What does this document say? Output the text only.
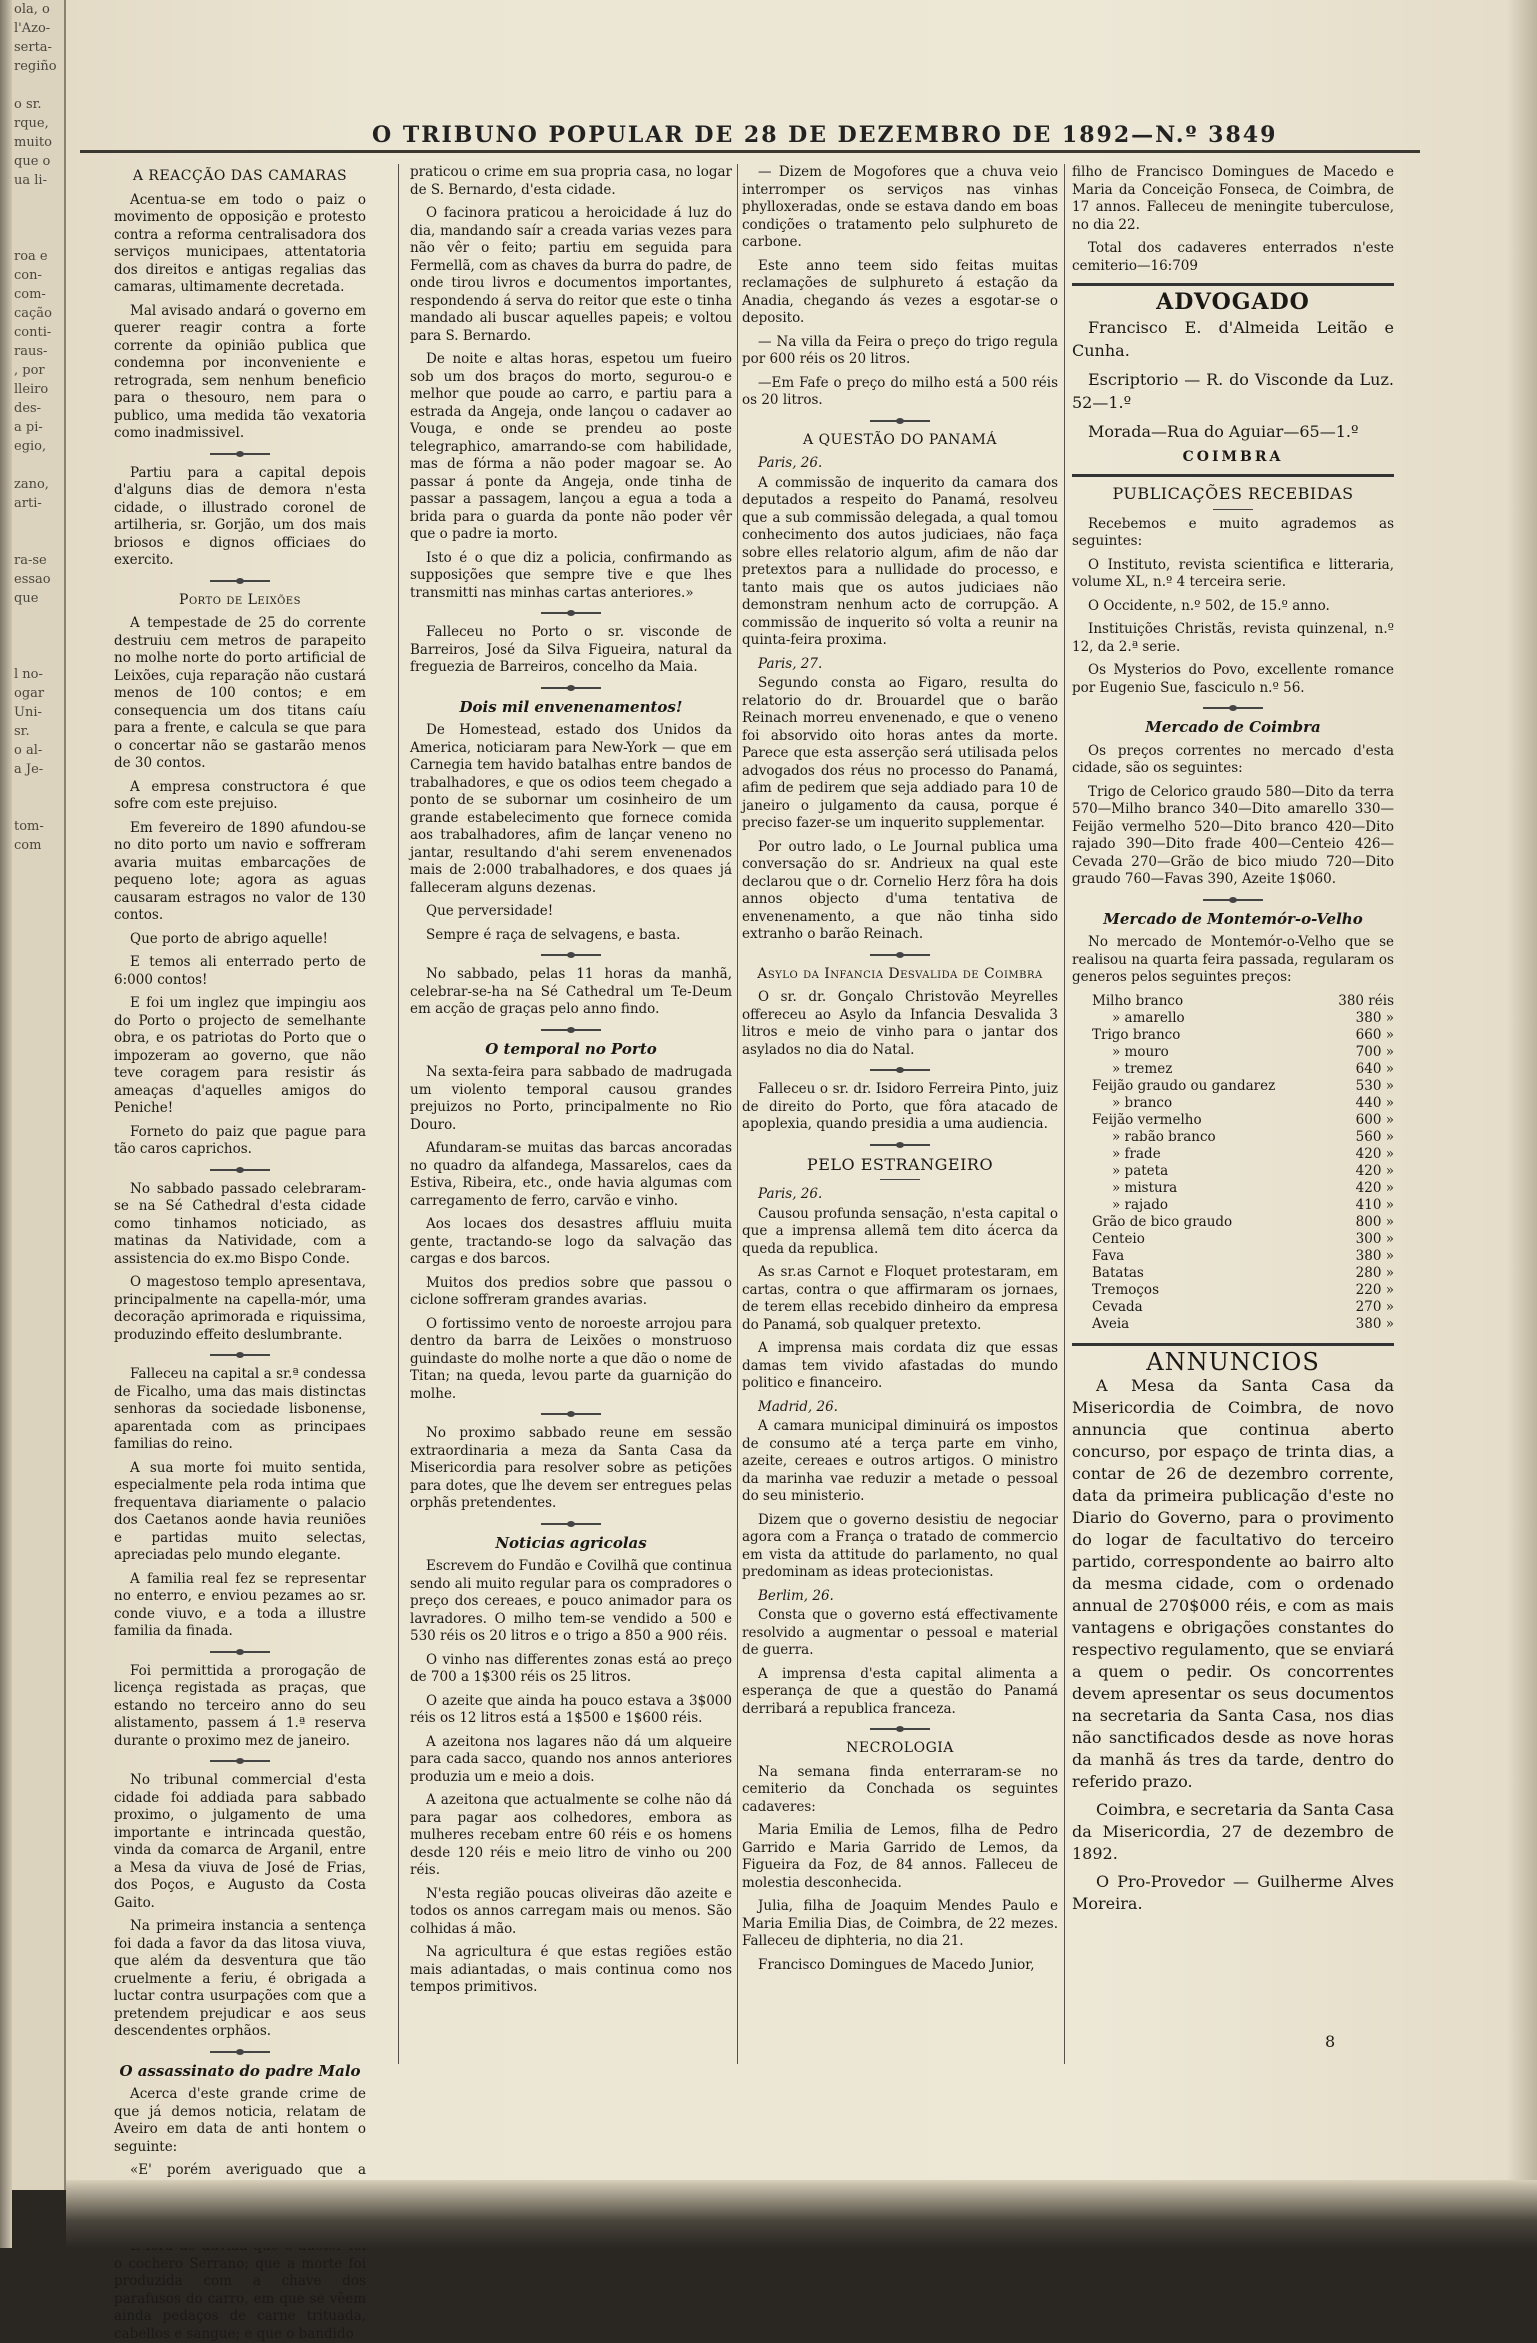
ola, o
l'Azo-
serta-
regiño

o sr.
rque,
muito
que o
ua li-

roa e
con-
com-
cação
conti-
raus-
, por
lleiro
des-
a pi-
egio,

zano,
arti-

ra-se
essao
que

l no-
ogar
Uni-
sr.
o al-
a Je-

tom-
com

O TRIBUNO POPULAR DE 28 DE DEZEMBRO DE 1892—N.º 3849
A REACÇÃO DAS CAMARAS

Acentua-se em todo o paiz o movimento de opposição e protesto contra a reforma centralisadora dos serviços municipaes, attentatoria dos direitos e antigas regalias das camaras, ultimamente decretada.

Mal avisado andará o governo em querer reagir contra a forte corrente da opinião publica que condemna por inconveniente e retrograda, sem nenhum beneficio para o thesouro, nem para o publico, uma medida tão vexatoria como inadmissivel.

Partiu para a capital depois d'alguns dias de demora n'esta cidade, o illustrado coronel de artilheria, sr. Gorjão, um dos mais briosos e dignos officiaes do exercito.

Porto de Leixões

A tempestade de 25 do corrente destruiu cem metros de parapeito no molhe norte do porto artificial de Leixões, cuja reparação não custará menos de 100 contos; e em consequencia um dos titans caíu para a frente, e calcula se que para o concertar não se gastarão menos de 30 contos.

A empresa constructora é que sofre com este prejuiso.

Em fevereiro de 1890 afundou-se no dito porto um navio e soffreram avaria muitas embarcações de pequeno lote; agora as aguas causaram estragos no valor de 130 contos.

Que porto de abrigo aquelle!

E temos ali enterrado perto de 6:000 contos!

E foi um inglez que impingiu aos do Porto o projecto de semelhante obra, e os patriotas do Porto que o impozeram ao governo, que não teve coragem para resistir ás ameaças d'aquelles amigos do Peniche!

Forneto do paiz que pague para tão caros caprichos.

No sabbado passado celebraram-se na Sé Cathedral d'esta cidade como tinhamos noticiado, as matinas da Natividade, com a assistencia do ex.mo Bispo Conde.

O magestoso templo apresentava, principalmente na capella-mór, uma decoração aprimorada e riquissima, produzindo effeito deslumbrante.

Falleceu na capital a sr.ª condessa de Ficalho, uma das mais distinctas senhoras da sociedade lisbonense, aparentada com as principaes familias do reino.

A sua morte foi muito sentida, especialmente pela roda intima que frequentava diariamente o palacio dos Caetanos aonde havia reuniões e partidas muito selectas, apreciadas pelo mundo elegante.

A familia real fez se representar no enterro, e enviou pezames ao sr. conde viuvo, e a toda a illustre familia da finada.

Foi permittida a prorogação de licença registada as praças, que estando no terceiro anno do seu alistamento, passem á 1.ª reserva durante o proximo mez de janeiro.

No tribunal commercial d'esta cidade foi addiada para sabbado proximo, o julgamento de uma importante e intrincada questão, vinda da comarca de Arganil, entre a Mesa da viuva de José de Frias, dos Poços, e Augusto da Costa Gaito.

Na primeira instancia a sentença foi dada a favor da das litosa viuva, que além da desventura que tão cruelmente a feriu, é obrigada a luctar contra usurpações com que a pretendem prejudicar e aos seus descendentes orphãos.

O assassinato do padre Malo

Acerca d'este grande crime de que já demos noticia, relatam de Aveiro em data de anti hontem o seguinte:

«E' porém averiguado que a

o cochero Serrano; que a morte foi produzida com a chave dos parafusos do carro, em que se vêem ainda pedaços de carne trituada, cabellos e sangue; e que o bandido

praticou o crime em sua propria casa, no logar de S. Bernardo, d'esta cidade.

O facinora praticou a heroicidade á luz do dia, mandando saír a creada varias vezes para não vêr o feito; partiu em seguida para Fermellã, com as chaves da burra do padre, de onde tirou livros e documentos importantes, respondendo á serva do reitor que este o tinha mandado ali buscar aquelles papeis; e voltou para S. Bernardo.

De noite e altas horas, espetou um fueiro sob um dos braços do morto, segurou-o e melhor que poude ao carro, e partiu para a estrada da Angeja, onde lançou o cadaver ao Vouga, e onde se prendeu ao poste telegraphico, amarrando-se com habilidade, mas de fórma a não poder magoar se. Ao passar á ponte da Angeja, onde tinha de passar a passagem, lançou a egua a toda a brida para o guarda da ponte não poder vêr que o padre ia morto.

Isto é o que diz a policia, confirmando as supposições que sempre tive e que lhes transmitti nas minhas cartas anteriores.»

Falleceu no Porto o sr. visconde de Barreiros, José da Silva Figueira, natural da freguezia de Barreiros, concelho da Maia.

Dois mil envenenamentos!

De Homestead, estado dos Unidos da America, noticiaram para New-York — que em Carnegia tem havido batalhas entre bandos de trabalhadores, e que os odios teem chegado a ponto de se subornar um cosinheiro de um grande estabelecimento que fornece comida aos trabalhadores, afim de lançar veneno no jantar, resultando d'ahi serem envenenados mais de 2:000 trabalhadores, e dos quaes já falleceram alguns dezenas.

Que perversidade!

Sempre é raça de selvagens, e basta.

No sabbado, pelas 11 horas da manhã, celebrar-se-ha na Sé Cathedral um Te-Deum em acção de graças pelo anno findo.

O temporal no Porto

Na sexta-feira para sabbado de madrugada um violento temporal causou grandes prejuizos no Porto, principalmente no Rio Douro.

Afundaram-se muitas das barcas ancoradas no quadro da alfandega, Massarelos, caes da Estiva, Ribeira, etc., onde havia algumas com carregamento de ferro, carvão e vinho.

Aos locaes dos desastres affluiu muita gente, tractando-se logo da salvação das cargas e dos barcos.

Muitos dos predios sobre que passou o ciclone soffreram grandes avarias.

O fortissimo vento de noroeste arrojou para dentro da barra de Leixões o monstruoso guindaste do molhe norte a que dão o nome de Titan; na queda, levou parte da guarnição do molhe.

No proximo sabbado reune em sessão extraordinaria a meza da Santa Casa da Misericordia para resolver sobre as petições para dotes, que lhe devem ser entregues pelas orphãs pretendentes.

Noticias agricolas

Escrevem do Fundão e Covilhã que continua sendo ali muito regular para os compradores o preço dos cereaes, e pouco animador para os lavradores. O milho tem-se vendido a 500 e 530 réis os 20 litros e o trigo a 850 a 900 réis.

O vinho nas differentes zonas está ao preço de 700 a 1$300 réis os 25 litros.

O azeite que ainda ha pouco estava a 3$000 réis os 12 litros está a 1$500 e 1$600 réis.

A azeitona nos lagares não dá um alqueire para cada sacco, quando nos annos anteriores produzia um e meio a dois.

A azeitona que actualmente se colhe não dá para pagar aos colhedores, embora as mulheres recebam entre 60 réis e os homens desde 120 réis e meio litro de vinho ou 200 réis.

N'esta região poucas oliveiras dão azeite e todos os annos carregam mais ou menos. São colhidas á mão.

Na agricultura é que estas regiões estão mais adiantadas, o mais continua como nos tempos primitivos.

— Dizem de Mogofores que a chuva veio interromper os serviços nas vinhas phylloxeradas, onde se estava dando em boas condições o tratamento pelo sulphureto de carbone.

Este anno teem sido feitas muitas reclamações de sulphureto á estação da Anadia, chegando ás vezes a esgotar-se o deposito.

— Na villa da Feira o preço do trigo regula por 600 réis os 20 litros.

—Em Fafe o preço do milho está a 500 réis os 20 litros.

A QUESTÃO DO PANAMÁ
Paris, 26.

A commissão de inquerito da camara dos deputados a respeito do Panamá, resolveu que a sub commissão delegada, a qual tomou conhecimento dos autos judiciaes, não faça sobre elles relatorio algum, afim de não dar pretextos para a nullidade do processo, e tanto mais que os autos judiciaes não demonstram nenhum acto de corrupção. A commissão de inquerito só volta a reunir na quinta-feira proxima.

Paris, 27.

Segundo consta ao Figaro, resulta do relatorio do dr. Brouardel que o barão Reinach morreu envenenado, e que o veneno foi absorvido oito horas antes da morte. Parece que esta asserção será utilisada pelos advogados dos réus no processo do Panamá, afim de pedirem que seja addiado para 10 de janeiro o julgamento da causa, porque é preciso fazer-se um inquerito supplementar.

Por outro lado, o Le Journal publica uma conversação do sr. Andrieux na qual este declarou que o dr. Cornelio Herz fôra ha dois annos objecto d'uma tentativa de envenenamento, a que não tinha sido extranho o barão Reinach.

Asylo da Infancia Desvalida de Coimbra

O sr. dr. Gonçalo Christovão Meyrelles offereceu ao Asylo da Infancia Desvalida 3 litros e meio de vinho para o jantar dos asylados no dia do Natal.

Falleceu o sr. dr. Isidoro Ferreira Pinto, juiz de direito do Porto, que fôra atacado de apoplexia, quando presidia a uma audiencia.

PELO ESTRANGEIRO
Paris, 26.

Causou profunda sensação, n'esta capital o que a imprensa allemã tem dito ácerca da queda da republica.

As sr.as Carnot e Floquet protestaram, em cartas, contra o que affirmaram os jornaes, de terem ellas recebido dinheiro da empresa do Panamá, sob qualquer pretexto.

A imprensa mais cordata diz que essas damas tem vivido afastadas do mundo politico e financeiro.

Madrid, 26.

A camara municipal diminuirá os impostos de consumo até a terça parte em vinho, azeite, cereaes e outros artigos. O ministro da marinha vae reduzir a metade o pessoal do seu ministerio.

Dizem que o governo desistiu de negociar agora com a França o tratado de commercio em vista da attitude do parlamento, no qual predominam as ideas protecionistas.

Berlim, 26.

Consta que o governo está effectivamente resolvido a augmentar o pessoal e material de guerra.

A imprensa d'esta capital alimenta a esperança de que a questão do Panamá derribará a republica franceza.

NECROLOGIA

Na semana finda enterraram-se no cemiterio da Conchada os seguintes cadaveres:

Maria Emilia de Lemos, filha de Pedro Garrido e Maria Garrido de Lemos, da Figueira da Foz, de 84 annos. Falleceu de molestia desconhecida.

Julia, filha de Joaquim Mendes Paulo e Maria Emilia Dias, de Coimbra, de 22 mezes. Falleceu de diphteria, no dia 21.

Francisco Domingues de Macedo Junior,

filho de Francisco Domingues de Macedo e Maria da Conceição Fonseca, de Coimbra, de 17 annos. Falleceu de meningite tuberculose, no dia 22.

Total dos cadaveres enterrados n'este cemiterio—16:709

ADVOGADO

Francisco E. d'Almeida Leitão e Cunha.

Escriptorio — R. do Visconde da Luz. 52—1.º

Morada—Rua do Aguiar—65—1.º

COIMBRA
PUBLICAÇÕES RECEBIDAS

Recebemos e muito agrademos as seguintes:

O Instituto, revista scientifica e litteraria, volume XL, n.º 4 terceira serie.

O Occidente, n.º 502, de 15.º anno.

Instituições Christãs, revista quinzenal, n.º 12, da 2.ª serie.

Os Mysterios do Povo, excellente romance por Eugenio Sue, fasciculo n.º 56.

Mercado de Coimbra

Os preços correntes no mercado d'esta cidade, são os seguintes:

Trigo de Celorico graudo 580—Dito da terra 570—Milho branco 340—Dito amarello 330—Feijão vermelho 520—Dito branco 420—Dito rajado 390—Dito frade 400—Centeio 426—Cevada 270—Grão de bico miudo 720—Dito graudo 760—Favas 390, Azeite 1$060.

Mercado de Montemór-o-Velho

No mercado de Montemór-o-Velho que se realisou na quarta feira passada, regularam os generos pelos seguintes preços:

Milho branco	380 réis
» amarello	380 »
Trigo branco	660 »
» mouro	700 »
» tremez	640 »
Feijão graudo ou gandarez	530 »
» branco	440 »
Feijão vermelho	600 »
» rabão branco	560 »
» frade	420 »
» pateta	420 »
» mistura	420 »
» rajado	410 »
Grão de bico graudo	800 »
Centeio	300 »
Fava	380 »
Batatas	280 »
Tremoços	220 »
Cevada	270 »
Aveia	380 »
ANNUNCIOS

A Mesa da Santa Casa da Misericordia de Coimbra, de novo annuncia que continua aberto concurso, por espaço de trinta dias, a contar de 26 de dezembro corrente, data da primeira publicação d'este no Diario do Governo, para o provimento do logar de facultativo do terceiro partido, correspondente ao bairro alto da mesma cidade, com o ordenado annual de 270$000 réis, e com as mais vantagens e obrigações constantes do respectivo regulamento, que se enviará a quem o pedir. Os concorrentes devem apresentar os seus documentos na secretaria da Santa Casa, nos dias não sanctificados desde as nove horas da manhã ás tres da tarde, dentro do referido prazo.

Coimbra, e secretaria da Santa Casa da Misericordia, 27 de dezembro de 1892.

O Pro-Provedor — Guilherme Alves Moreira.

8
